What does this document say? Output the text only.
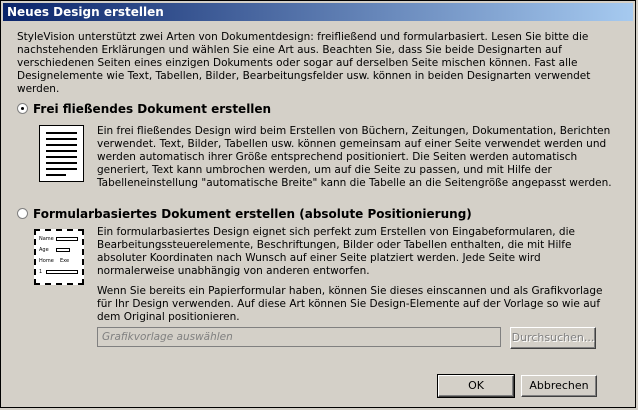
Neues Design erstellen
StyleVision unterstützt zwei Arten von Dokumentdesign: freifließend und formularbasiert. Lesen Sie bitte die nachstehenden Erklärungen und wählen Sie eine Art aus. Beachten Sie, dass Sie beide Designarten auf verschiedenen Seiten eines einzigen Dokuments oder sogar auf derselben Seite mischen können. Fast alle Designelemente wie Text, Tabellen, Bilder, Bearbeitungsfelder usw. können in beiden Designarten verwendet werden.
Frei fließendes Dokument erstellen
Ein frei fließendes Design wird beim Erstellen von Büchern, Zeitungen, Dokumentation, Berichten verwendet. Text, Bilder, Tabellen usw. können gemeinsam auf einer Seite verwendet werden und werden automatisch ihrer Größe entsprechend positioniert. Die Seiten werden automatisch generiert, Text kann umbrochen werden, um auf die Seite zu passen, und mit Hilfe der Tabelleneinstellung "automatische Breite" kann die Tabelle an die Seitengröße angepasst werden.
Formularbasiertes Dokument erstellen (absolute Positionierung)
Name
Age
Home Exe
1
Ein formularbasiertes Design eignet sich perfekt zum Erstellen von Eingabeformularen, die Bearbeitungssteuerelemente, Beschriftungen, Bilder oder Tabellen enthalten, die mit Hilfe absoluter Koordinaten nach Wunsch auf einer Seite platziert werden. Jede Seite wird normalerweise unabhängig von anderen entworfen.
Wenn Sie bereits ein Papierformular haben, können Sie dieses einscannen und als Grafikvorlage für Ihr Design verwenden. Auf diese Art können Sie Design-Elemente auf der Vorlage so wie auf dem Original positionieren.
Grafikvorlage auswählen	Durchsuchen...
OK	Abbrechen
